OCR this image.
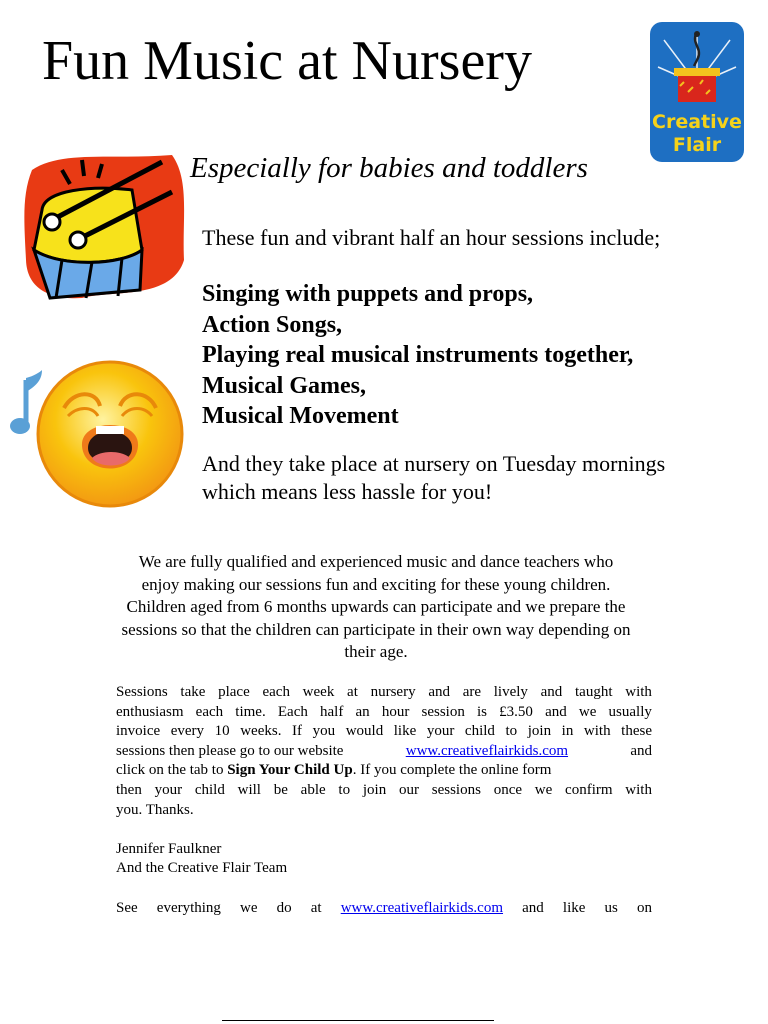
Fun Music at Nursery
Creative
Flair
Especially for babies and toddlers
These fun and vibrant half an hour sessions include;
Singing with puppets and props,
Action Songs,
Playing real musical instruments together,
Musical Games,
Musical Movement
And they take place at nursery on Tuesday mornings
which means less hassle for you!
We are fully qualified and experienced music and dance teachers who
enjoy making our sessions fun and exciting for these young children.
Children aged from 6 months upwards can participate and we prepare the
sessions so that the children can participate in their own way depending on
their age.
Sessions take place each week at nursery and are lively and taught with
enthusiasm each time. Each half an hour session is £3.50 and we usually
invoice every 10 weeks. If you would like your child to join in with these
sessions then please go to our website	www.creativeflairkids.com	and
click on the tab to Sign Your Child Up. If you complete the online form
then your child will be able to join our sessions once we confirm with
you. Thanks.
Jennifer Faulkner
And the Creative Flair Team
See everything we do at www.creativeflairkids.com and like us on
